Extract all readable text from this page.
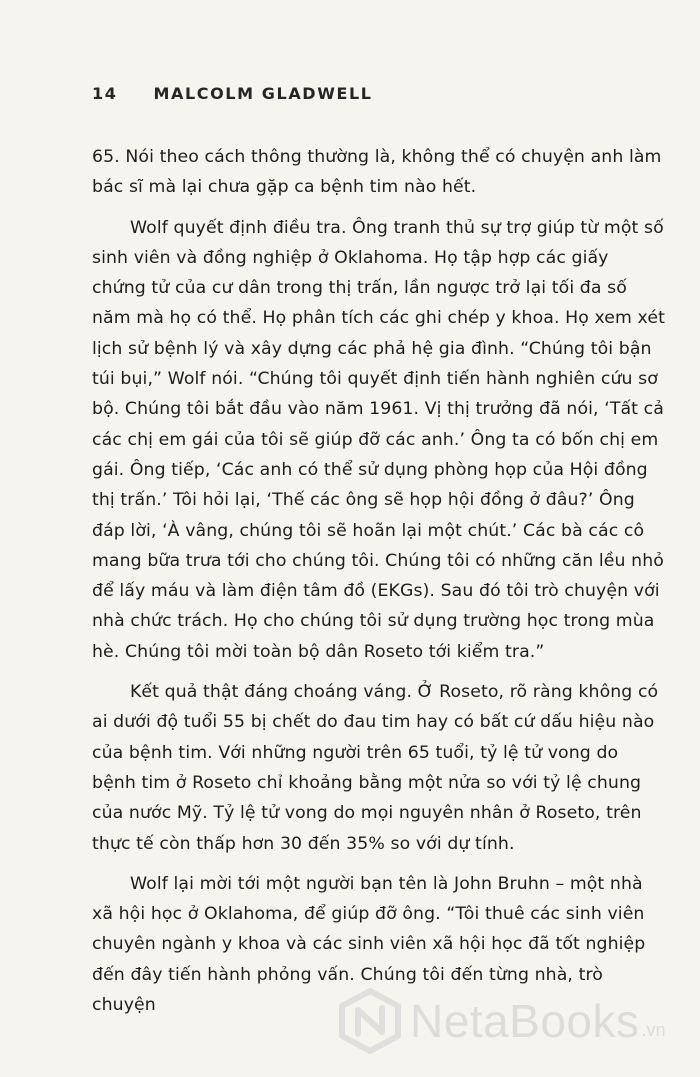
14 MALCOLM GLADWELL

65. Nói theo cách thông thường là, không thể có chuyện anh làm bác sĩ mà lại chưa gặp ca bệnh tim nào hết.

Wolf quyết định điều tra. Ông tranh thủ sự trợ giúp từ một số sinh viên và đồng nghiệp ở Oklahoma. Họ tập hợp các giấy chứng tử của cư dân trong thị trấn, lần ngược trở lại tối đa số năm mà họ có thể. Họ phân tích các ghi chép y khoa. Họ xem xét lịch sử bệnh lý và xây dựng các phả hệ gia đình. “Chúng tôi bận túi bụi,” Wolf nói. “Chúng tôi quyết định tiến hành nghiên cứu sơ bộ. Chúng tôi bắt đầu vào năm 1961. Vị thị trưởng đã nói, ‘Tất cả các chị em gái của tôi sẽ giúp đỡ các anh.’ Ông ta có bốn chị em gái. Ông tiếp, ‘Các anh có thể sử dụng phòng họp của Hội đồng thị trấn.’ Tôi hỏi lại, ‘Thế các ông sẽ họp hội đồng ở đâu?’ Ông đáp lời, ‘À vâng, chúng tôi sẽ hoãn lại một chút.’ Các bà các cô mang bữa trưa tới cho chúng tôi. Chúng tôi có những căn lều nhỏ để lấy máu và làm điện tâm đồ (EKGs). Sau đó tôi trò chuyện với nhà chức trách. Họ cho chúng tôi sử dụng trường học trong mùa hè. Chúng tôi mời toàn bộ dân Roseto tới kiểm tra.”

Kết quả thật đáng choáng váng. Ở Roseto, rõ ràng không có ai dưới độ tuổi 55 bị chết do đau tim hay có bất cứ dấu hiệu nào của bệnh tim. Với những người trên 65 tuổi, tỷ lệ tử vong do bệnh tim ở Roseto chỉ khoảng bằng một nửa so với tỷ lệ chung của nước Mỹ. Tỷ lệ tử vong do mọi nguyên nhân ở Roseto, trên thực tế còn thấp hơn 30 đến 35% so với dự tính.

Wolf lại mời tới một người bạn tên là John Bruhn – một nhà xã hội học ở Oklahoma, để giúp đỡ ông. “Tôi thuê các sinh viên chuyên ngành y khoa và các sinh viên xã hội học đã tốt nghiệp đến đây tiến hành phỏng vấn. Chúng tôi đến từng nhà, trò chuyện	NetaBooks .vn
